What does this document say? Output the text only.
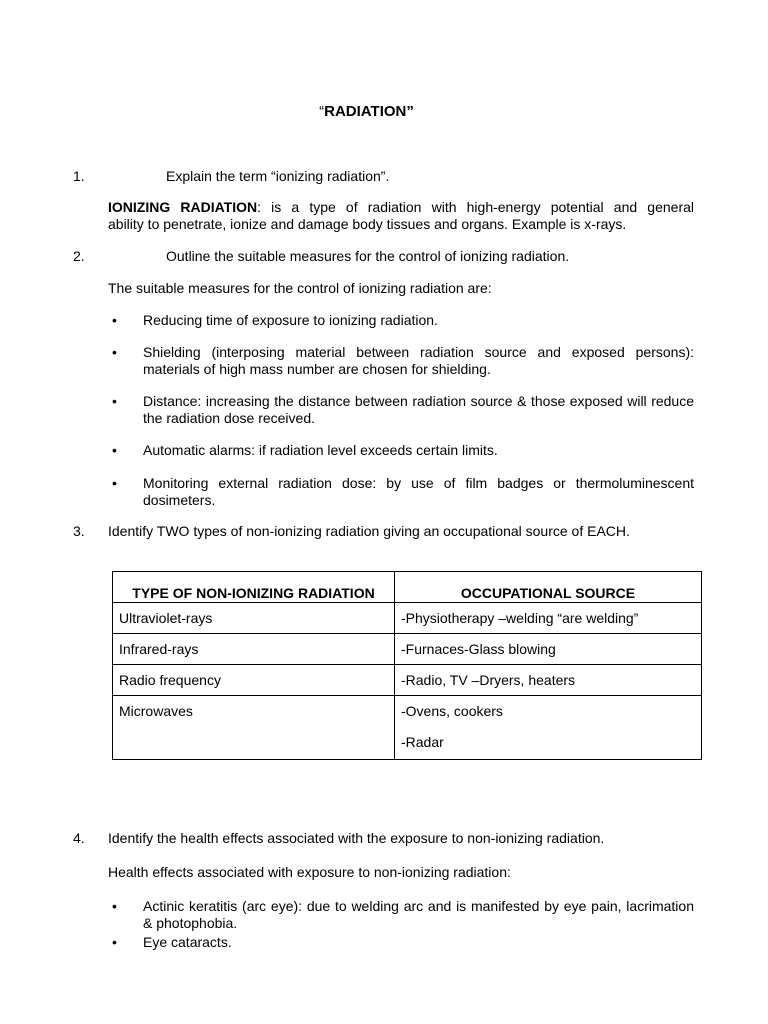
“RADIATION”
1.	Explain the term “ionizing radiation”.
IONIZING RADIATION: is a type of radiation with high-energy potential and general
ability to penetrate, ionize and damage body tissues and organs. Example is x-rays.
2.	Outline the suitable measures for the control of ionizing radiation.
The suitable measures for the control of ionizing radiation are:
• Reducing time of exposure to ionizing radiation.
• Shielding (interposing material between radiation source and exposed persons): materials of high mass number are chosen for shielding.
• Distance: increasing the distance between radiation source & those exposed will reduce the radiation dose received.
• Automatic alarms: if radiation level exceeds certain limits.
• Monitoring external radiation dose: by use of film badges or thermoluminescent dosimeters.
3. Identify TWO types of non-ionizing radiation giving an occupational source of EACH.
TYPE OF NON-IONIZING RADIATION	OCCUPATIONAL SOURCE
Ultraviolet-rays	-Physiotherapy –welding “are welding”
Infrared-rays	-Furnaces-Glass blowing
Radio frequency	-Radio, TV –Dryers, heaters
Microwaves	-Ovens, cookers
-Radar
4. Identify the health effects associated with the exposure to non-ionizing radiation.
Health effects associated with exposure to non-ionizing radiation:
• Actinic keratitis (arc eye): due to welding arc and is manifested by eye pain, lacrimation & photophobia.
• Eye cataracts.
